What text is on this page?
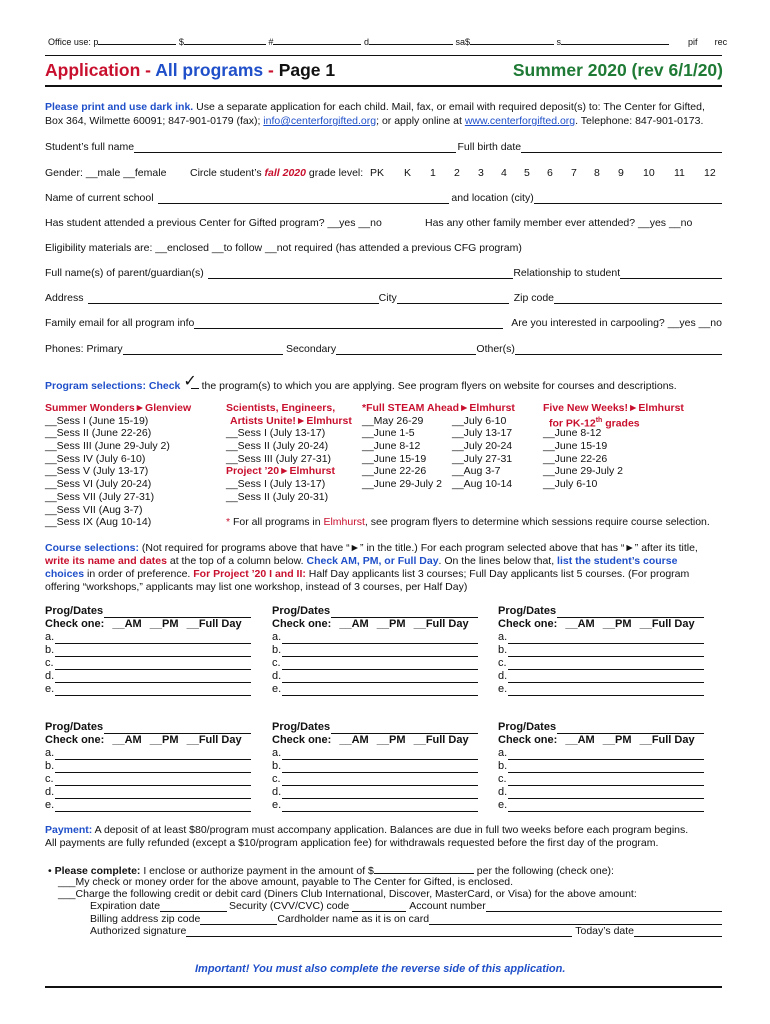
Office use: p	$	#	d	sa$	s	pif rec
Application - All programs - Page 1	Summer 2020 (rev 6/1/20)
Please print and use dark ink. Use a separate application for each child. Mail, fax, or email with required deposit(s) to: The Center for Gifted,
Box 364, Wilmette 60091; 847-901-0179 (fax); info@centerforgifted.org; or apply online at www.centerforgifted.org. Telephone: 847-901-0173.
Student’s full name	Full birth date
Gender: __male __female Circle student’s fall 2020 grade level: PK K 1 2 3 4 5 6 7 8 9 10 11 12
Name of current school	and location (city)
Has student attended a previous Center for Gifted program? __yes __no	Has any other family member ever attended? __yes __no
Eligibility materials are: __enclosed __to follow __not required (has attended a previous CFG program)
Full name(s) of parent/guardian(s)	Relationship to student
Address	City	Zip code
Family email for all program info	Are you interested in carpooling? __yes __no
Phones: Primary	Secondary	Other(s)
Program selections: Check ✓ the program(s) to which you are applying. See program flyers on website for courses and descriptions.
Summer Wonders►Glenview
__Sess I (June 15-19)
__Sess II (June 22-26)
__Sess III (June 29-July 2)
__Sess IV (July 6-10)
__Sess V (July 13-17)
__Sess VI (July 20-24)
__Sess VII (July 27-31)
__Sess VII (Aug 3-7)
__Sess IX (Aug 10-14)
Scientists, Engineers,
Artists Unite!►Elmhurst
__Sess I (July 13-17)
__Sess II (July 20-24)
__Sess III (July 27-31)
Project ’20►Elmhurst
__Sess I (July 13-17)
__Sess II (July 20-31)
*Full STEAM Ahead►Elmhurst
__May 26-29
__June 1-5
__June 8-12
__June 15-19
__June 22-26
__June 29-July 2
__July 6-10
__July 13-17
__July 20-24
__July 27-31
__Aug 3-7
__Aug 10-14
Five New Weeks!►Elmhurst
for PK-12th grades
__June 8-12
__June 15-19
__June 22-26
__June 29-July 2
__July 6-10
* For all programs in Elmhurst, see program flyers to determine which sessions require course selection.
Course selections: (Not required for programs above that have “►” in the title.) For each program selected above that has “►” after its title,
write its name and dates at the top of a column below. Check AM, PM, or Full Day. On the lines below that, list the student’s course
choices in order of preference. For Project ’20 I and II: Half Day applicants list 3 courses; Full Day applicants list 5 courses. (For program
offering “workshops,” applicants may list one workshop, instead of 3 courses, per Half Day)
Prog/Dates
Check one: __AM __PM __Full Day
a.
b.
c.
d.
e.
Prog/Dates
Check one: __AM __PM __Full Day
a.
b.
c.
d.
e.
Prog/Dates
Check one: __AM __PM __Full Day
a.
b.
c.
d.
e.
Prog/Dates
Check one: __AM __PM __Full Day
a.
b.
c.
d.
e.
Prog/Dates
Check one: __AM __PM __Full Day
a.
b.
c.
d.
e.
Prog/Dates
Check one: __AM __PM __Full Day
a.
b.
c.
d.
e.
Payment: A deposit of at least $80/program must accompany application. Balances are due in full two weeks before each program begins.
All payments are fully refunded (except a $10/program application fee) for withdrawals requested before the first day of the program.
• Please complete: I enclose or authorize payment in the amount of $	per the following (check one):
___My check or money order for the above amount, payable to The Center for Gifted, is enclosed.
___Charge the following credit or debit card (Diners Club International, Discover, MasterCard, or Visa) for the above amount:
Expiration date	Security (CVV/CVC) code	Account number
Billing address zip code	Cardholder name as it is on card
Authorized signature	Today’s date
Important! You must also complete the reverse side of this application.
